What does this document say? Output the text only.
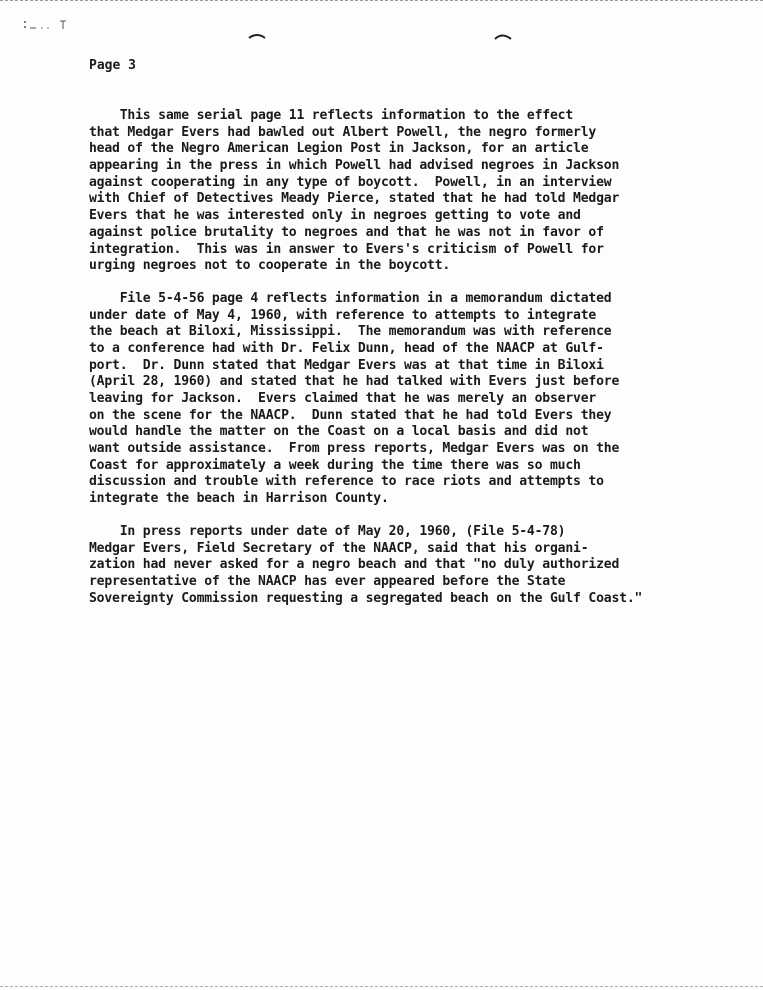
Page 3
This same serial page 11 reflects information to the effect
that Medgar Evers had bawled out Albert Powell, the negro formerly
head of the Negro American Legion Post in Jackson, for an article
appearing in the press in which Powell had advised negroes in Jackson
against cooperating in any type of boycott.  Powell, in an interview
with Chief of Detectives Meady Pierce, stated that he had told Medgar
Evers that he was interested only in negroes getting to vote and
against police brutality to negroes and that he was not in favor of
integration.  This was in answer to Evers's criticism of Powell for
urging negroes not to cooperate in the boycott.
File 5-4-56 page 4 reflects information in a memorandum dictated
under date of May 4, 1960, with reference to attempts to integrate
the beach at Biloxi, Mississippi.  The memorandum was with reference
to a conference had with Dr. Felix Dunn, head of the NAACP at Gulf-
port.  Dr. Dunn stated that Medgar Evers was at that time in Biloxi
(April 28, 1960) and stated that he had talked with Evers just before
leaving for Jackson.  Evers claimed that he was merely an observer
on the scene for the NAACP.  Dunn stated that he had told Evers they
would handle the matter on the Coast on a local basis and did not
want outside assistance.  From press reports, Medgar Evers was on the
Coast for approximately a week during the time there was so much
discussion and trouble with reference to race riots and attempts to
integrate the beach in Harrison County.
In press reports under date of May 20, 1960, (File 5-4-78)
Medgar Evers, Field Secretary of the NAACP, said that his organi-
zation had never asked for a negro beach and that "no duly authorized
representative of the NAACP has ever appeared before the State
Sovereignty Commission requesting a segregated beach on the Gulf Coast."
